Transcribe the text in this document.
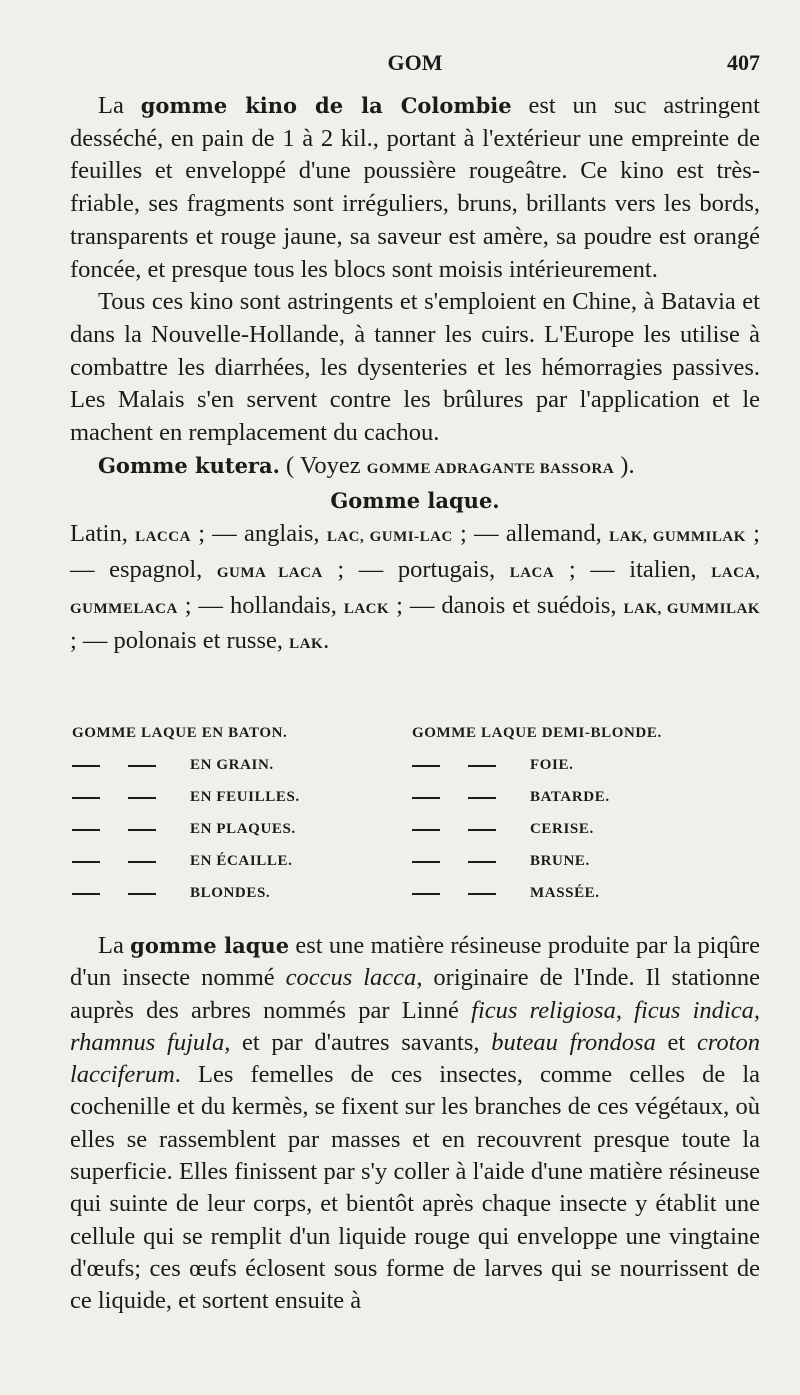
GOM	407

La gomme kino de la Colombie est un suc astringent desséché, en pain de 1 à 2 kil., portant à l'extérieur une empreinte de feuilles et enveloppé d'une poussière rougeâtre. Ce kino est très-friable, ses fragments sont irréguliers, bruns, brillants vers les bords, transparents et rouge jaune, sa saveur est amère, sa poudre est orangé foncée, et presque tous les blocs sont moisis intérieurement.

Tous ces kino sont astringents et s'emploient en Chine, à Batavia et dans la Nouvelle-Hollande, à tanner les cuirs. L'Europe les utilise à combattre les diarrhées, les dysenteries et les hémorragies passives. Les Malais s'en servent contre les brûlures par l'application et le machent en remplacement du cachou.

Gomme kutera. ( Voyez GOMME ADRAGANTE BASSORA ).

Gomme laque.

Latin, LACCA ; — anglais, LAC, GUMI-LAC ; — allemand, LAK, GUMMILAK ; — espagnol, GUMA LACA ; — portugais, LACA ; — italien, LACA, GUMMELACA ; — hollandais, LACK ; — danois et suédois, LAK, GUMMILAK ; — polonais et russe, LAK.

GOMME LAQUE EN BATON.	GOMME LAQUE DEMI-BLONDE.
EN GRAIN.	FOIE.
EN FEUILLES.	BATARDE.
EN PLAQUES.	CERISE.
EN ÉCAILLE.	BRUNE.
BLONDES.	MASSÉE.

La gomme laque est une matière résineuse produite par la piqûre d'un insecte nommé coccus lacca, originaire de l'Inde. Il stationne auprès des arbres nommés par Linné ficus religiosa, ficus indica, rhamnus fujula, et par d'autres savants, buteau frondosa et croton lacciferum. Les femelles de ces insectes, comme celles de la cochenille et du kermès, se fixent sur les branches de ces végétaux, où elles se rassemblent par masses et en recouvrent presque toute la superficie. Elles finissent par s'y coller à l'aide d'une matière résineuse qui suinte de leur corps, et bientôt après chaque insecte y établit une cellule qui se remplit d'un liquide rouge qui enveloppe une vingtaine d'œufs; ces œufs éclosent sous forme de larves qui se nourrissent de ce liquide, et sortent ensuite à
